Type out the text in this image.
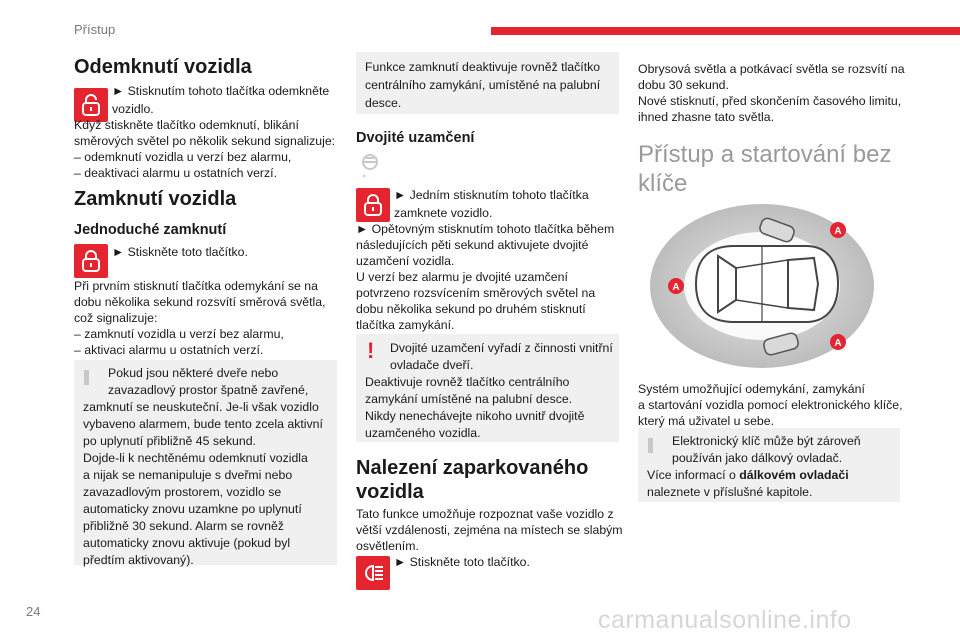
Přístup
Odemknutí vozidla

► Stisknutím tohoto tlačítka odemkněte

vozidlo.

Když stiskněte tlačítko odemknutí, blikání

směrových světel po několik sekund signalizuje:

– odemknutí vozidla u verzí bez alarmu,

– deaktivaci alarmu u ostatních verzí.

Zamknutí vozidla
Jednoduché zamknutí

► Stiskněte toto tlačítko.

Při prvním stisknutí tlačítka odemykání se na

dobu několika sekund rozsvítí směrová světla,

což signalizuje:

– zamknutí vozidla u verzí bez alarmu,

– aktivaci alarmu u ostatních verzí.

Pokud jsou některé dveře nebo

zavazadlový prostor špatně zavřené,

zamknutí se neuskuteční. Je-li však vozidlo

vybaveno alarmem, bude tento zcela aktivní

po uplynutí přibližně 45 sekund.

Dojde-li k nechtěnému odemknutí vozidla

a nijak se nemanipuluje s dveřmi nebo

zavazadlovým prostorem, vozidlo se

automaticky znovu uzamkne po uplynutí

přibližně 30 sekund. Alarm se rovněž

automaticky znovu aktivuje (pokud byl

předtím aktivovaný).

Funkce zamknutí deaktivuje rovněž tlačítko

centrálního zamykání, umístěné na palubní

desce.

Dvojité uzamčení

► Jedním stisknutím tohoto tlačítka

zamknete vozidlo.

► Opětovným stisknutím tohoto tlačítka během

následujících pěti sekund aktivujete dvojité

uzamčení vozidla.

U verzí bez alarmu je dvojité uzamčení

potvrzeno rozsvícením směrových světel na

dobu několika sekund po druhém stisknutí

tlačítka zamykání.

! Dvojité uzamčení vyřadí z činnosti vnitřní

ovladače dveří.

Deaktivuje rovněž tlačítko centrálního

zamykání umístěné na palubní desce.

Nikdy nenechávejte nikoho uvnitř dvojitě

uzamčeného vozidla.

Nalezení zaparkovaného
vozidla

Tato funkce umožňuje rozpoznat vaše vozidlo z

větší vzdálenosti, zejména na místech se slabým

osvětlením.

► Stiskněte toto tlačítko.

Obrysová světla a potkávací světla se rozsvítí na

dobu 30 sekund.

Nové stisknutí, před skončením časového limitu,

ihned zhasne tato světla.

Přístup a startování bez
klíče
A
A
A

Systém umožňující odemykání, zamykání

a startování vozidla pomocí elektronického klíče,

který má uživatel u sebe.

Elektronický klíč může být zároveň

používán jako dálkový ovladač.

Více informací o dálkovém ovladači

naleznete v příslušné kapitole.

24	carmanualsonline.info
